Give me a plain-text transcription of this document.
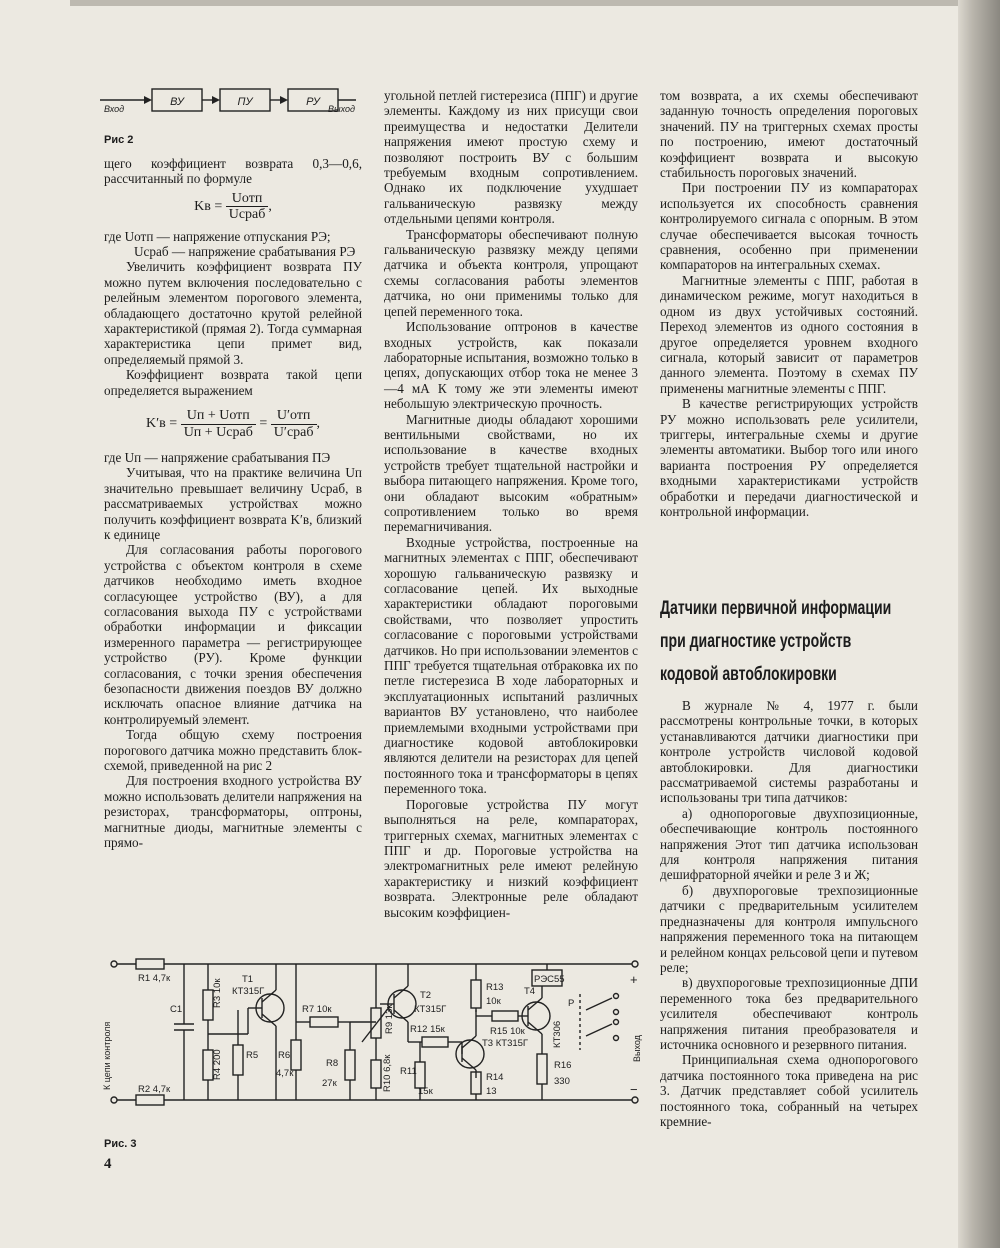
ВУ	ПУ	РУ
Вход	Выход
Рис 2

щего коэффициент возврата 0,3—0,6, рассчитанный по формуле

Kв = $\frac{\text{Uотп}}{\text{Uсраб}}$ ,

где Uотп — напряжение отпускания РЭ;

Uсраб — напряжение срабатывания РЭ

Увеличить коэффициент возврата ПУ можно путем включения последовательно с релейным элементом порогового элемента, обладающего достаточно крутой релейной характеристикой (прямая 2). Тогда суммарная характеристика цепи примет вид, определяемый прямой 3.

Коэффициент возврата такой цепи определяется выражением

$K'в = \frac{\text{Uп + Uотп}}{\text{Uп + Uсраб}} = \frac{\text{U′отп}}{\text{U′сраб}}$ ,

где Uп — напряжение срабатывания ПЭ

Учитывая, что на практике величина Uп значительно превышает величину Uсраб, в рассматриваемых устройствах можно получить коэффициент возврата K′в, близкий к единице

Для согласования работы порогового устройства с объектом контроля в схеме датчиков необходимо иметь входное согласующее устройство (ВУ), а для согласования выхода ПУ с устройствами обработки информации и фиксации измеренного параметра — регистрирующее устройство (РУ). Кроме функции согласования, с точки зрения обеспечения безопасности движения поездов ВУ должно исключать опасное влияние датчика на контролируемый элемент.

Тогда общую схему построения порогового датчика можно представить блок-схемой, приведенной на рис 2

Для построения входного устройства ВУ можно использовать делители напряжения на резисторах, трансформаторы, оптроны, магнитные диоды, магнитные элементы с прямо-

угольной петлей гистерезиса (ППГ) и другие элементы. Каждому из них присущи свои преимущества и недостатки Делители напряжения имеют простую схему и позволяют построить ВУ с большим требуемым входным сопротивлением. Однако их подключение ухудшает гальваническую развязку между отдельными цепями контроля.

Трансформаторы обеспечивают полную гальваническую развязку между цепями датчика и объекта контроля, упрощают схемы согласования работы элементов датчика, но они применимы только для цепей переменного тока.

Использование оптронов в качестве входных устройств, как показали лабораторные испытания, возможно только в цепях, допускающих отбор тока не менее 3—4 мА К тому же эти элементы имеют небольшую электрическую прочность.

Магнитные диоды обладают хорошими вентильными свойствами, но их использование в качестве входных устройств требует тщательной настройки и выбора питающего напряжения. Кроме того, они обладают высоким «обратным» сопротивлением только во время перемагничивания.

Входные устройства, построенные на магнитных элементах с ППГ, обеспечивают хорошую гальваническую развязку и согласование цепей. Их выходные характеристики обладают пороговыми свойствами, что позволяет упростить согласование с пороговыми устройствами датчиков. Но при использовании элементов с ППГ требуется тщательная отбраковка их по петле гистерезиса В ходе лабораторных и эксплуатационных испытаний различных вариантов ВУ установлено, что наиболее приемлемыми входными устройствами при диагностике кодовой автоблокировки являются делители на резисторах для цепей постоянного тока и трансформаторы в цепях переменного тока.

Пороговые устройства ПУ могут выполняться на реле, компараторах, триггерных схемах, магнитных элементах с ППГ и др. Пороговые устройства на электромагнитных реле имеют релейную характеристику и низкий коэффициент возврата. Электронные реле обладают высоким коэффициен-

том возврата, а их схемы обеспечивают заданную точность определения пороговых значений. ПУ на триггерных схемах просты по построению, имеют достаточный коэффициент возврата и высокую стабильность пороговых значений.

При построении ПУ из компараторах используется их способность сравнения контролируемого сигнала с опорным. В этом случае обеспечивается высокая точность сравнения, особенно при применении компараторов на интегральных схемах.

Магнитные элементы с ППГ, работая в динамическом режиме, могут находиться в одном из двух устойчивых состояний. Переход элементов из одного состояния в другое определяется уровнем входного сигнала, который зависит от параметров данного элемента. Поэтому в схемах ПУ применены магнитные элементы с ППГ.

В качестве регистрирующих устройств РУ можно использовать реле усилители, триггеры, интегральные схемы и другие элементы автоматики. Выбор того или иного варианта построения РУ определяется входными характеристиками устройств обработки и передачи диагностической и контрольной информации.

Датчики первичной информации
при диагностике устройств
кодовой автоблокировки

В журнале № 4, 1977 г. были рассмотрены контрольные точки, в которых устанавливаются датчики диагностики при контроле устройств числовой кодовой автоблокировки. Для диагностики рассматриваемой системы разработаны и использованы три типа датчиков:

а) однопороговые двухпозиционные, обеспечивающие контроль постоянного напряжения Этот тип датчика использован для контроля напряжения питания дешифраторной ячейки и реле З и Ж;

б) двухпороговые трехпозиционные датчики с предварительным усилителем предназначены для контроля импульсного напряжения переменного тока на питающем и релейном концах рельсовой цепи и путевом реле;

в) двухпороговые трехпозиционные ДПИ переменного тока без предварительного усилителя обеспечивают контроль напряжения питания преобразователя и источника основного и резервного питания.

Принципиальная схема однопорогового датчика постоянного тока приведена на рис 3. Датчик представляет собой усилитель постоянного тока, собранный на четырех кремние-

R1 4,7к
R2 4,7к
C1
R3 10к
R4 200 R5
T1
КТ315Г
R6
4,7к
R7 10к
R8
27к
R9 13к
R10 6,8к
T2
КТ315Г
R12 15к
R11
15к
T3 КТ315Г
R13
10к
R14
13
R15 10к
T4
КТ306
R16
330
P
РЭС55	+
−
К цепи контроля	Выход
Рис. 3
4
